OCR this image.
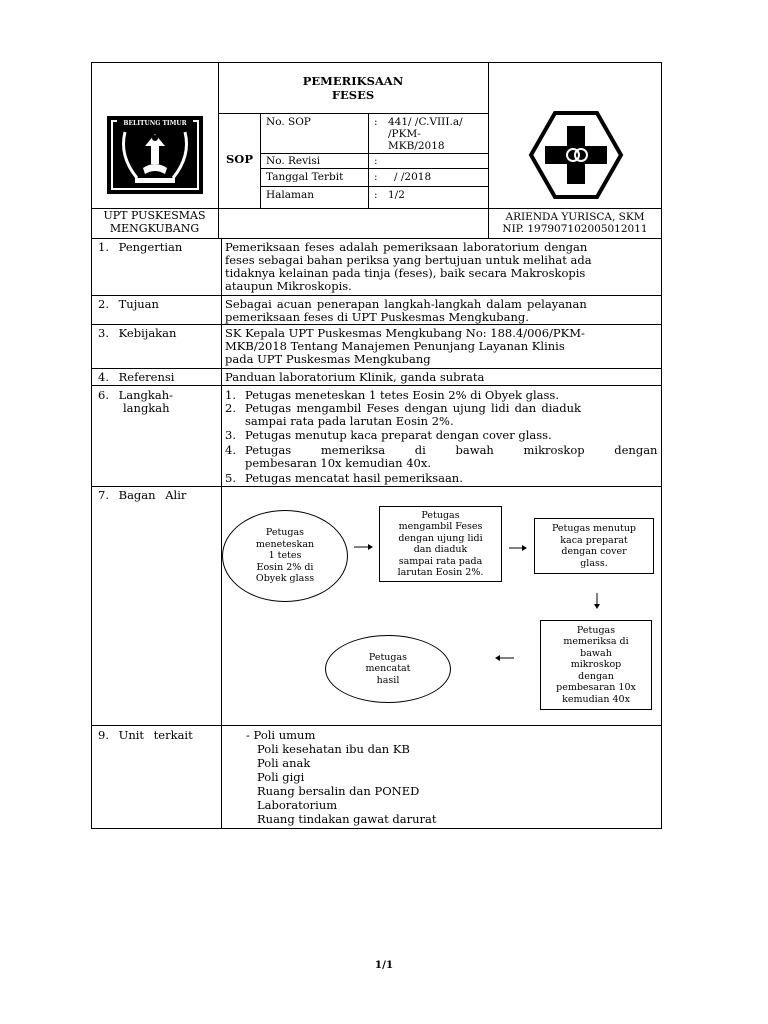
BELITUNG TIMUR
PEMERIKSAAN
FESES
SOP
No. SOP	: 441/ /C.VIII.a/
/PKM-
MKB/2018
No. Revisi	:
Tanggal Terbit	: / /2018
Halaman	: 1/2
UPT PUSKESMAS
MENGKUBANG
ARIENDA YURISCA, SKM
NIP. 197907102005012011
1. Pengertian	Pemeriksaan feses adalah pemeriksaan laboratorium dengan
feses sebagai bahan periksa yang bertujuan untuk melihat ada
tidaknya kelainan pada tinja (feses), baik secara Makroskopis
ataupun Mikroskopis.
2. Tujuan	Sebagai acuan penerapan langkah-langkah dalam pelayanan
pemeriksaan feses di UPT Puskesmas Mengkubang.
3. Kebijakan	SK Kepala UPT Puskesmas Mengkubang No: 188.4/006/PKM-
MKB/2018 Tentang Manajemen Penunjang Layanan Klinis
pada UPT Puskesmas Mengkubang
4. Referensi	Panduan laboratorium Klinik, ganda subrata
6. Langkah-
langkah
1. Petugas meneteskan 1 tetes Eosin 2% di Obyek glass.
2. Petugas mengambil Feses dengan ujung lidi dan diaduk
sampai rata pada larutan Eosin 2%.
3. Petugas menutup kaca preparat dengan cover glass.
4. Petugas memeriksa di bawah mikroskop dengan
pembesaran 10x kemudian 40x.
5. Petugas mencatat hasil pemeriksaan.
7. Bagan Alir
Petugas
meneteskan
1 tetes
Eosin 2% di
Obyek glass
Petugas
mengambil Feses
dengan ujung lidi
dan diaduk
sampai rata pada
larutan Eosin 2%.
Petugas menutup
kaca preparat
dengan cover
glass.
Petugas
memeriksa di
bawah
mikroskop
dengan
pembesaran 10x
kemudian 40x
Petugas
mencatat
hasil
9. Unit terkait	- Poli umum
Poli kesehatan ibu dan KB
Poli anak
Poli gigi
Ruang bersalin dan PONED
Laboratorium
Ruang tindakan gawat darurat
1/1
